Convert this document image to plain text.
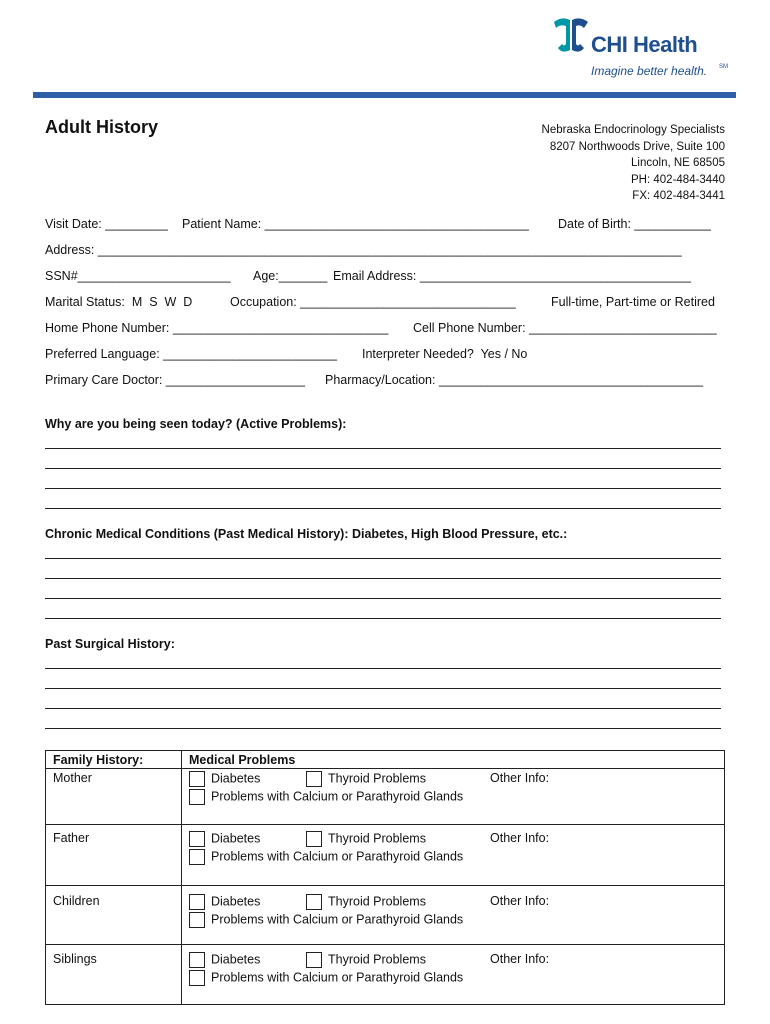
CHI Health
Imagine better health. SM
Adult History	Nebraska Endocrinology Specialists
8207 Northwoods Drive, Suite 100
Lincoln, NE 68505
PH: 402-484-3440
FX: 402-484-3441
Visit Date: _________ Patient Name: ______________________________________ Date of Birth: ___________
Address: ____________________________________________________________________________________
SSN#______________________ Age:_______ Email Address: _______________________________________
Marital Status:  M  S  W  D	Occupation: _______________________________	Full-time, Part-time or Retired
Home Phone Number: _______________________________ Cell Phone Number: ___________________________
Preferred Language: _________________________ Interpreter Needed?  Yes / No
Primary Care Doctor: ____________________ Pharmacy/Location: ______________________________________
Why are you being seen today? (Active Problems):
Chronic Medical Conditions (Past Medical History): Diabetes, High Blood Pressure, etc.:
Past Surgical History:
Family History:	Medical Problems
Mother	Diabetes Thyroid Problems Other Info:
Problems with Calcium or Parathyroid Glands

Father	Diabetes Thyroid Problems Other Info:
Problems with Calcium or Parathyroid Glands

Children	Diabetes Thyroid Problems Other Info:
Problems with Calcium or Parathyroid Glands

Siblings	Diabetes Thyroid Problems Other Info:
Problems with Calcium or Parathyroid Glands
